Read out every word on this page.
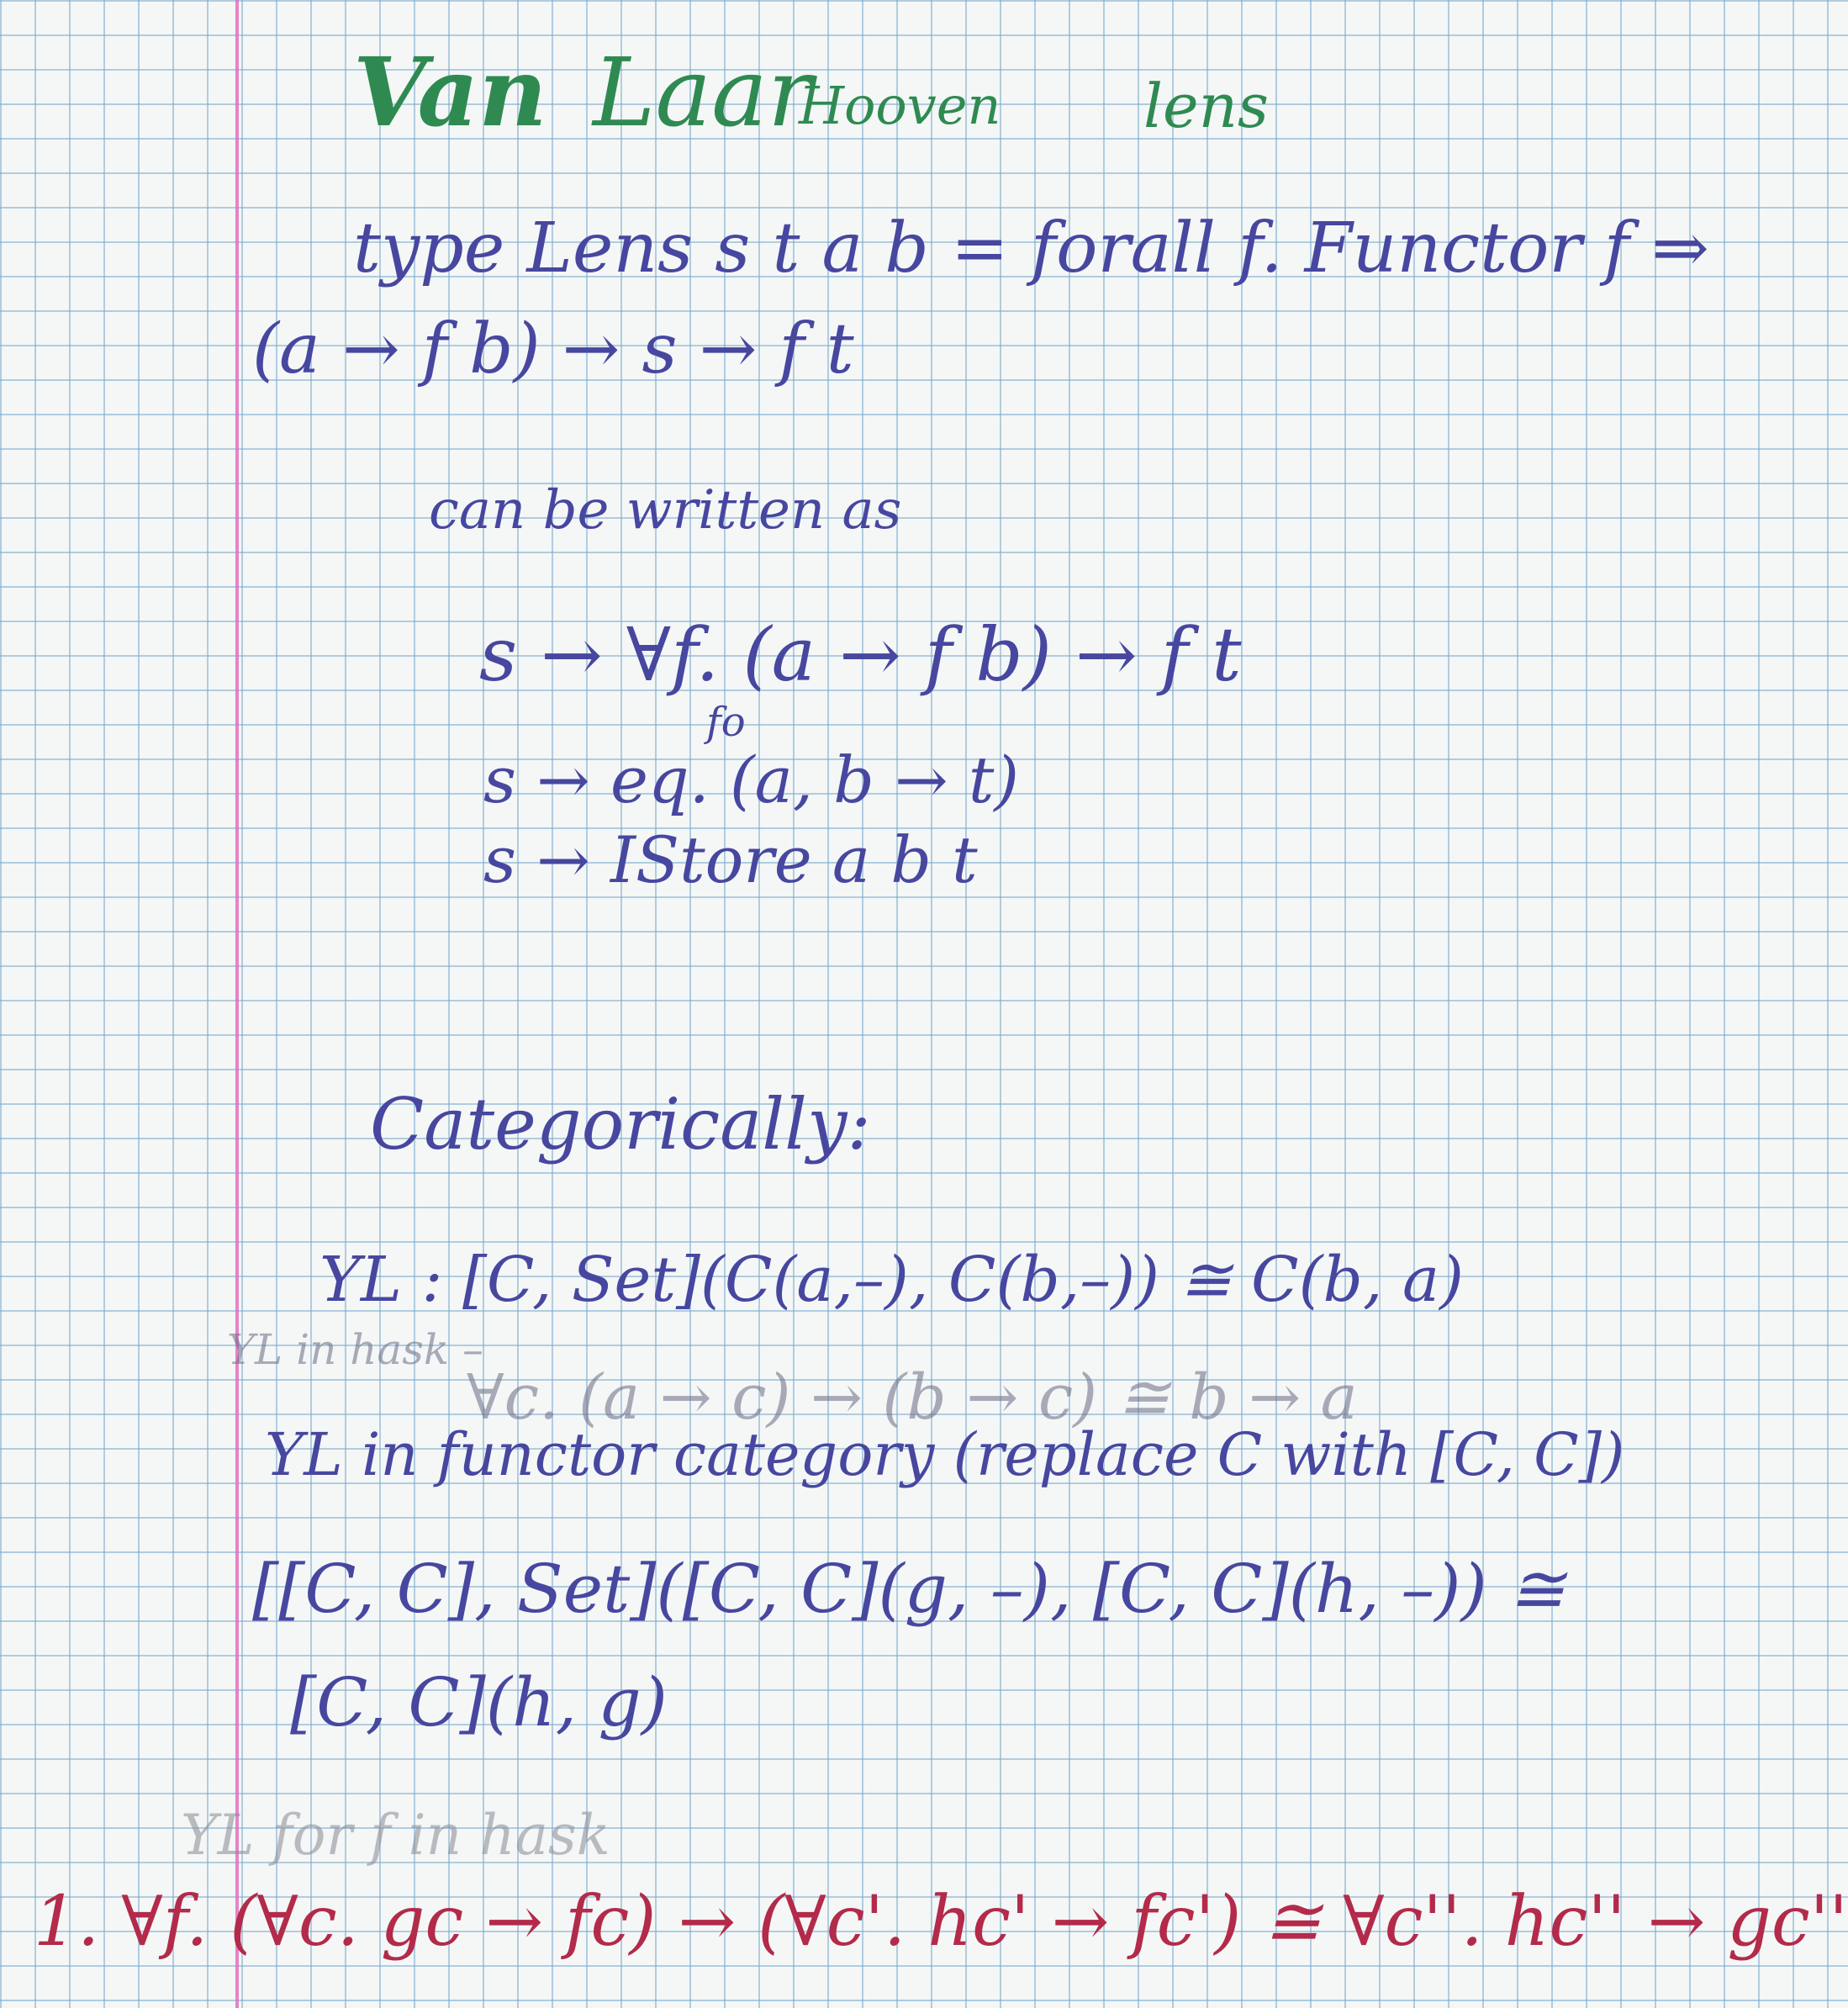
Van Laar
Hooven lens
type Lens s t a b = forall f. Functor f ⇒
(a → f b) → s → f t
can be written as
s → ∀f. (a → f b) → f t
fo
s → eq. (a, b → t)
s → IStore a b t
Categorically:
YL : [C, Set](C(a,–), C(b,–)) ≅ C(b, a)
YL in hask –
∀c. (a → c) → (b → c) ≅ b → a
YL in functor category (replace C with [C, C])
[[C, C], Set]([C, C](g, –), [C, C](h, –)) ≅
[C, C](h, g)
YL for f in hask
1. ∀f. (∀c. gc → fc) → (∀c'. hc' → fc') ≅ ∀c''. hc'' → gc''
